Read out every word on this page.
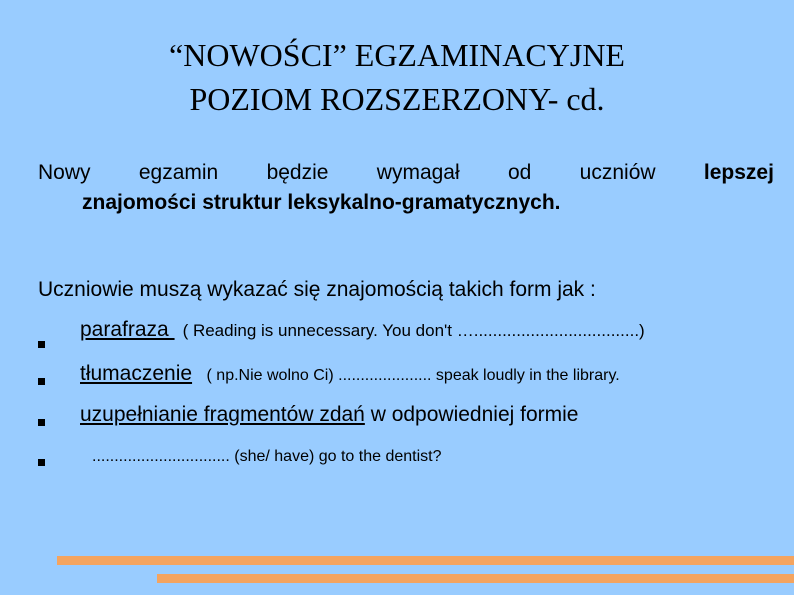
“NOWOŚCI” EGZAMINACYJNE
POZIOM ROZSZERZONY- cd.
Nowy egzamin będzie wymagał od uczniów lepszej
znajomości struktur leksykalno-gramatycznych.
Uczniowie muszą wykazać się znajomością takich form jak :
parafraza ( Reading is unnecessary. You don't …...................................)
tłumaczenie ( np.Nie wolno Ci) ..................... speak loudly in the library.
uzupełnianie fragmentów zdań w odpowiedniej formie
............................... (she/ have) go to the dentist?
